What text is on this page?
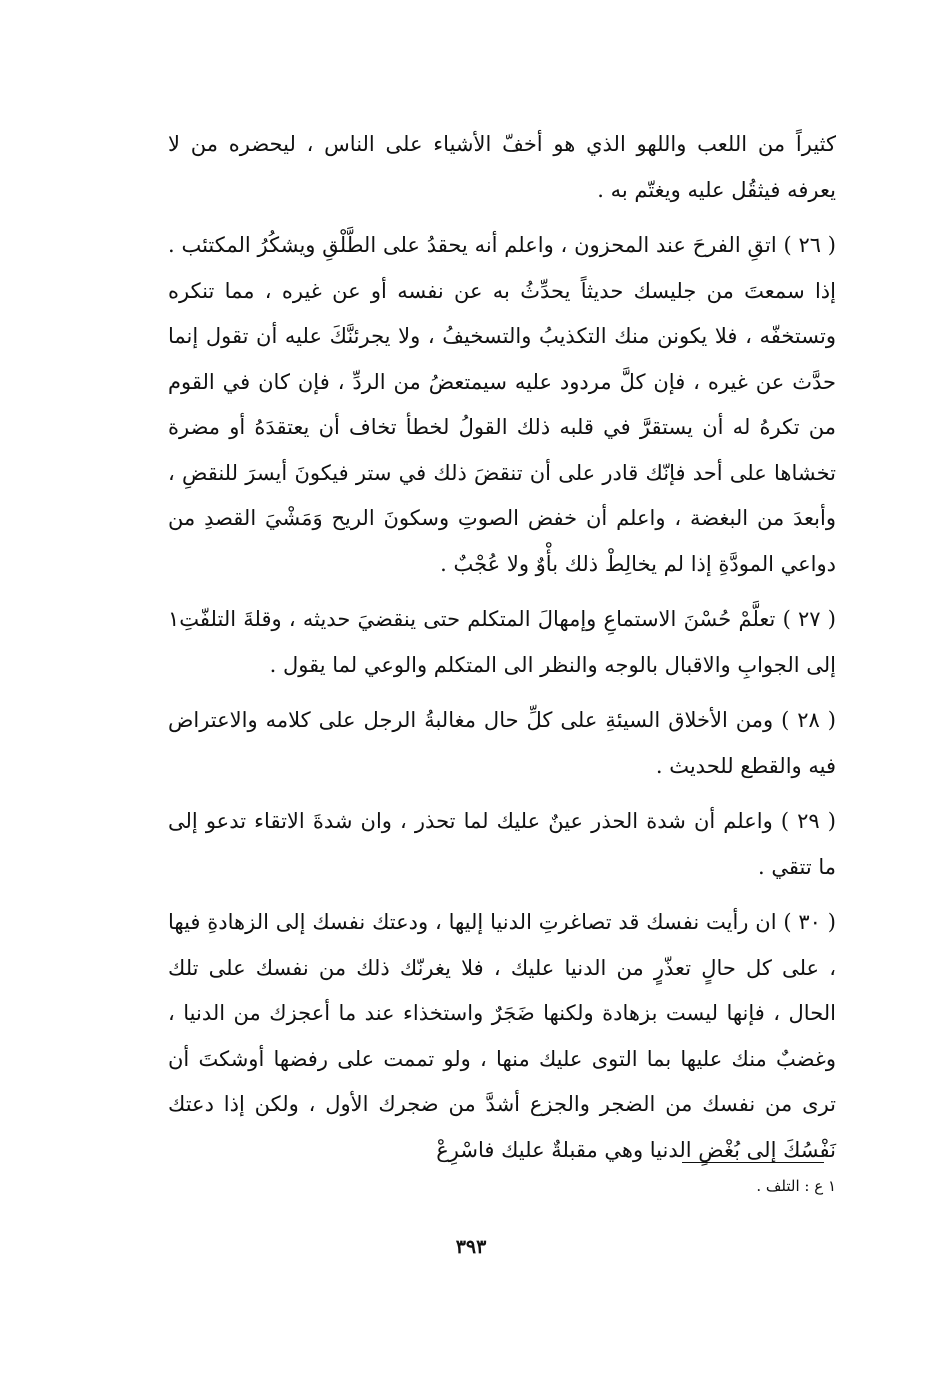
كثيراً من اللعب واللهو الذي هو أخفّ الأشياء على الناس ، ليحضره من لا يعرفه فيثقُل عليه ويغتّم به .

( ٢٦ ) اتقِ الفرحَ عند المحزون ، واعلم أنه يحقدُ على الطَّلْقِ ويشكُرُ المكتئب . إذا سمعتَ من جليسك حديثاً يحدِّثُ به عن نفسه أو عن غيره ، مما تنكره وتستخفّه ، فلا يكونن منك التكذيبُ والتسخيفُ ، ولا يجرئنَّكَ عليه أن تقول إنما حدَّث عن غيره ، فإن كلَّ مردود عليه سيمتعضُ من الردِّ ، فإن كان في القوم من تكرهُ له أن يستقرَّ في قلبه ذلك القولُ لخطأ تخاف أن يعتقدَهُ أو مضرة تخشاها على أحد فإنّك قادر على أن تنقضَ ذلك في ستر فيكونَ أيسرَ للنقضِ ، وأبعدَ من البغضة ، واعلم أن خفض الصوتِ وسكونَ الريح وَمَشْيَ القصدِ من دواعي المودَّةِ إذا لم يخالِطْ ذلك بأْوٌ ولا عُجْبٌ .

( ٢٧ ) تعلَّمْ حُسْنَ الاستماعِ وإمهالَ المتكلم حتى ينقضيَ حديثه ، وقلةَ التلفّتِ١ إلى الجوابِ والاقبال بالوجه والنظر الى المتكلم والوعي لما يقول .

( ٢٨ ) ومن الأخلاق السيئةِ على كلِّ حال مغالبةُ الرجل على كلامه والاعتراض فيه والقطع للحديث .

( ٢٩ ) واعلم أن شدة الحذر عينٌ عليك لما تحذر ، وان شدةَ الاتقاء تدعو إلى ما تتقي .

( ٣٠ ) ان رأيت نفسك قد تصاغرتِ الدنيا إليها ، ودعتك نفسك إلى الزهادةِ فيها ، على كل حالٍ تعذّرٍ من الدنيا عليك ، فلا يغرنّك ذلك من نفسك على تلك الحال ، فإنها ليست بزهادة ولكنها ضَجَرٌ واستخذاء عند ما أعجزك من الدنيا ، وغضبٌ منك عليها بما التوى عليك منها ، ولو تممت على رفضها أوشكتَ أن ترى من نفسك من الضجر والجزع أشدَّ من ضجرك الأول ، ولكن إذا دعتك نَفْسُكَ إلى بُغْضِ الدنيا وهي مقبلةٌ عليك فاسْرِعْ

١ ع : التلف .
٣٩٣
